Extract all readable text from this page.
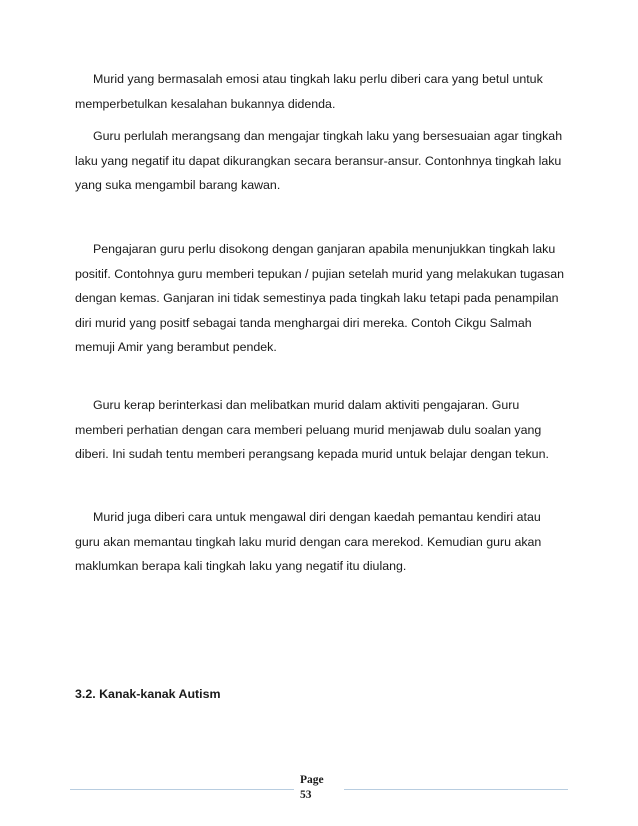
Murid yang bermasalah emosi atau tingkah laku perlu diberi cara yang betul untuk memperbetulkan kesalahan bukannya didenda.

Guru perlulah merangsang dan mengajar tingkah laku yang bersesuaian agar tingkah laku yang negatif itu dapat dikurangkan secara beransur-ansur. Contonhnya tingkah laku yang suka mengambil barang kawan.

Pengajaran guru perlu disokong dengan ganjaran apabila menunjukkan tingkah laku positif. Contohnya guru memberi tepukan / pujian setelah murid yang melakukan tugasan dengan kemas. Ganjaran ini tidak semestinya pada tingkah laku tetapi pada penampilan diri murid yang positf sebagai tanda menghargai diri mereka. Contoh Cikgu Salmah memuji Amir yang berambut pendek.

Guru kerap berinterkasi dan melibatkan murid dalam aktiviti pengajaran. Guru memberi perhatian dengan cara memberi peluang murid menjawab dulu soalan yang diberi. Ini sudah tentu memberi perangsang kepada murid untuk belajar dengan tekun.

Murid juga diberi cara untuk mengawal diri dengan kaedah pemantau kendiri atau guru akan memantau tingkah laku murid dengan cara merekod. Kemudian guru akan maklumkan berapa kali tingkah laku yang negatif itu diulang.

3.2. Kanak-kanak Autism
Page
53
